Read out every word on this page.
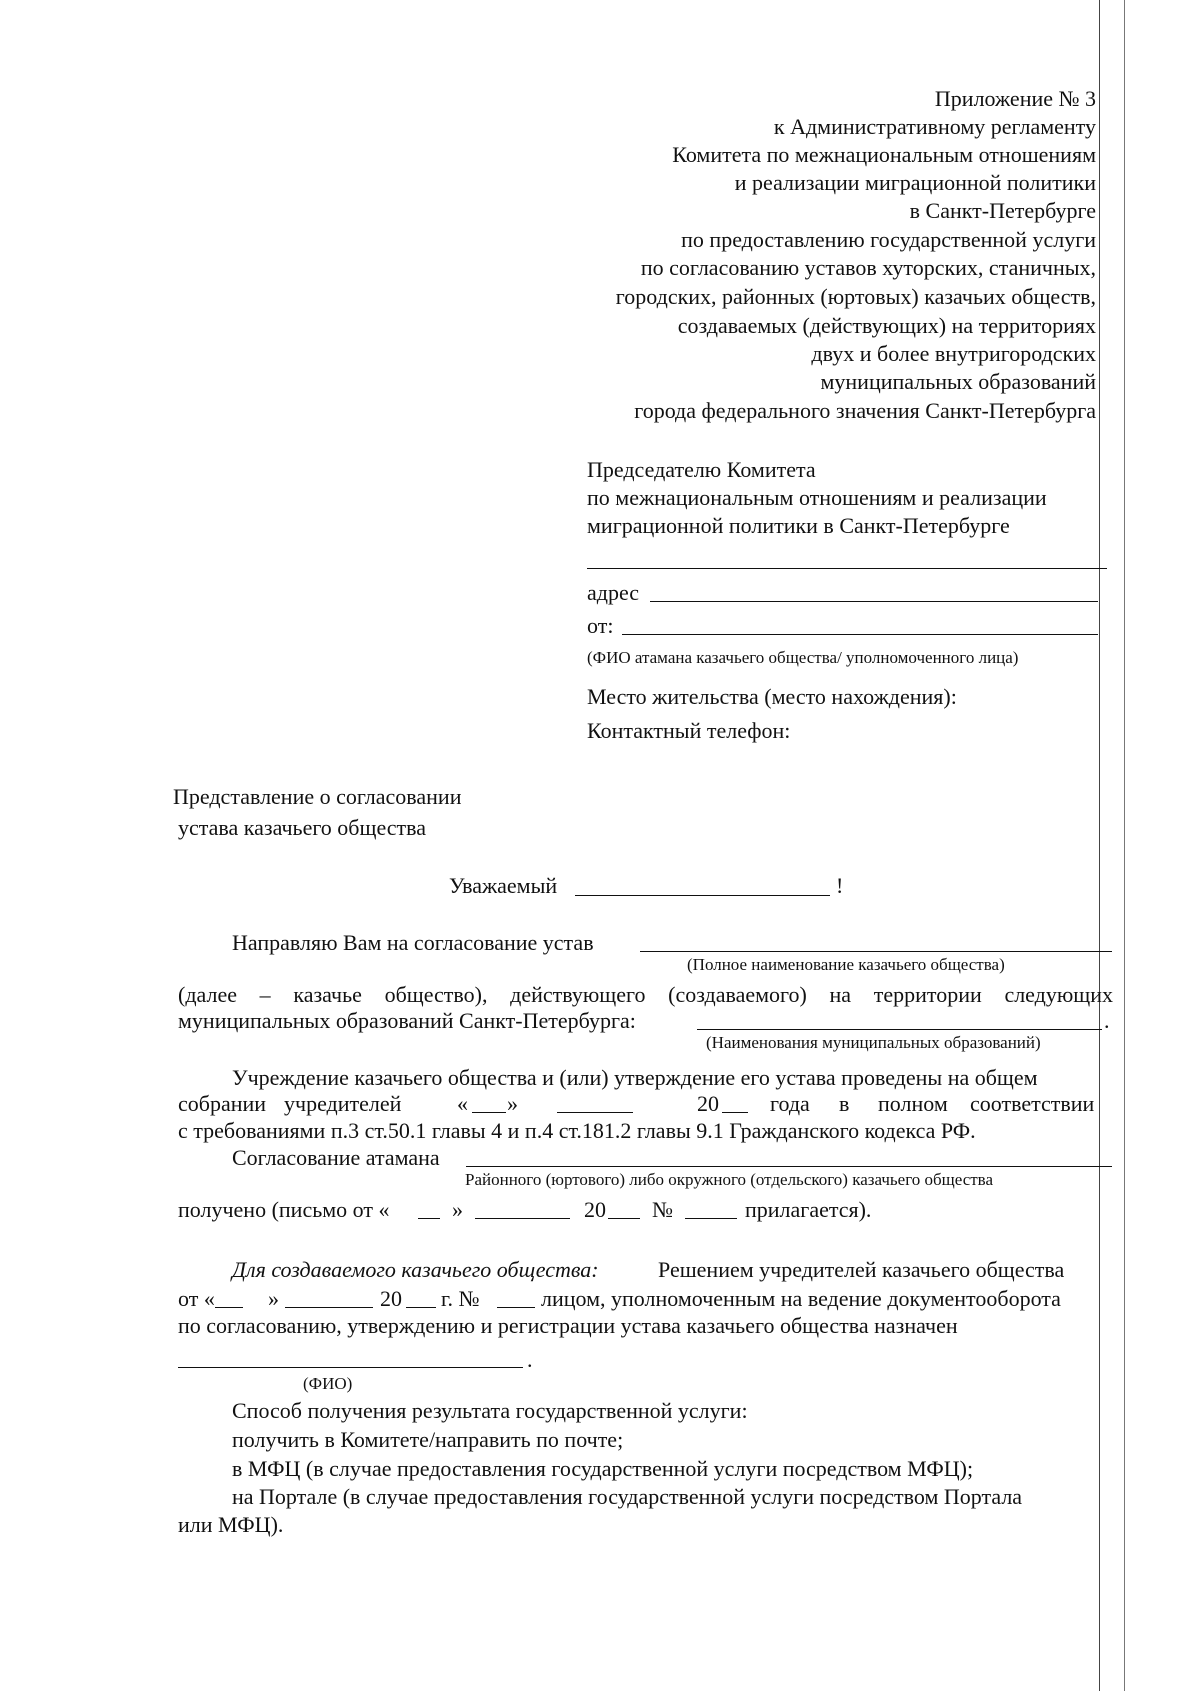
Приложение № 3
к Административному регламенту
Комитета по межнациональным отношениям
и реализации миграционной политики
в Санкт-Петербурге
по предоставлению государственной услуги
по согласованию уставов хуторских, станичных,
городских, районных (юртовых) казачьих обществ,
создаваемых (действующих) на территориях
двух и более внутригородских
муниципальных образований
города федерального значения Санкт-Петербурга
Председателю Комитета
по межнациональным отношениям и реализации
миграционной политики в Санкт-Петербурге
адрес
от:
(ФИО атамана казачьего общества/ уполномоченного лица)
Место жительства (место нахождения):
Контактный телефон:
Представление о согласовании
устава казачьего общества
Уважаемый	!
Направляю Вам на согласование устав
(Полное наименование казачьего общества)
(далее – казачье общество), действующего (создаваемого) на территории следующих
муниципальных образований Санкт-Петербурга:	.
(Наименования муниципальных образований)
Учреждение казачьего общества и (или) утверждение его устава проведены на общем
собрании учредителей	« »	20 года в полном соответствии
с требованиями п.3 ст.50.1 главы 4 и п.4 ст.181.2 главы 9.1 Гражданского кодекса РФ.
Согласование атамана
Районного (юртового) либо окружного (отдельского) казачьего общества
получено (письмо от «	»	20 №	прилагается).
Для создаваемого казачьего общества:	Решением учредителей казачьего общества
от « »	20 г. №	лицом, уполномоченным на ведение документооборота
по согласованию, утверждению и регистрации устава казачьего общества назначен
.
(ФИО)
Способ получения результата государственной услуги:
получить в Комитете/направить по почте;
в МФЦ (в случае предоставления государственной услуги посредством МФЦ);
на Портале (в случае предоставления государственной услуги посредством Портала
или МФЦ).
